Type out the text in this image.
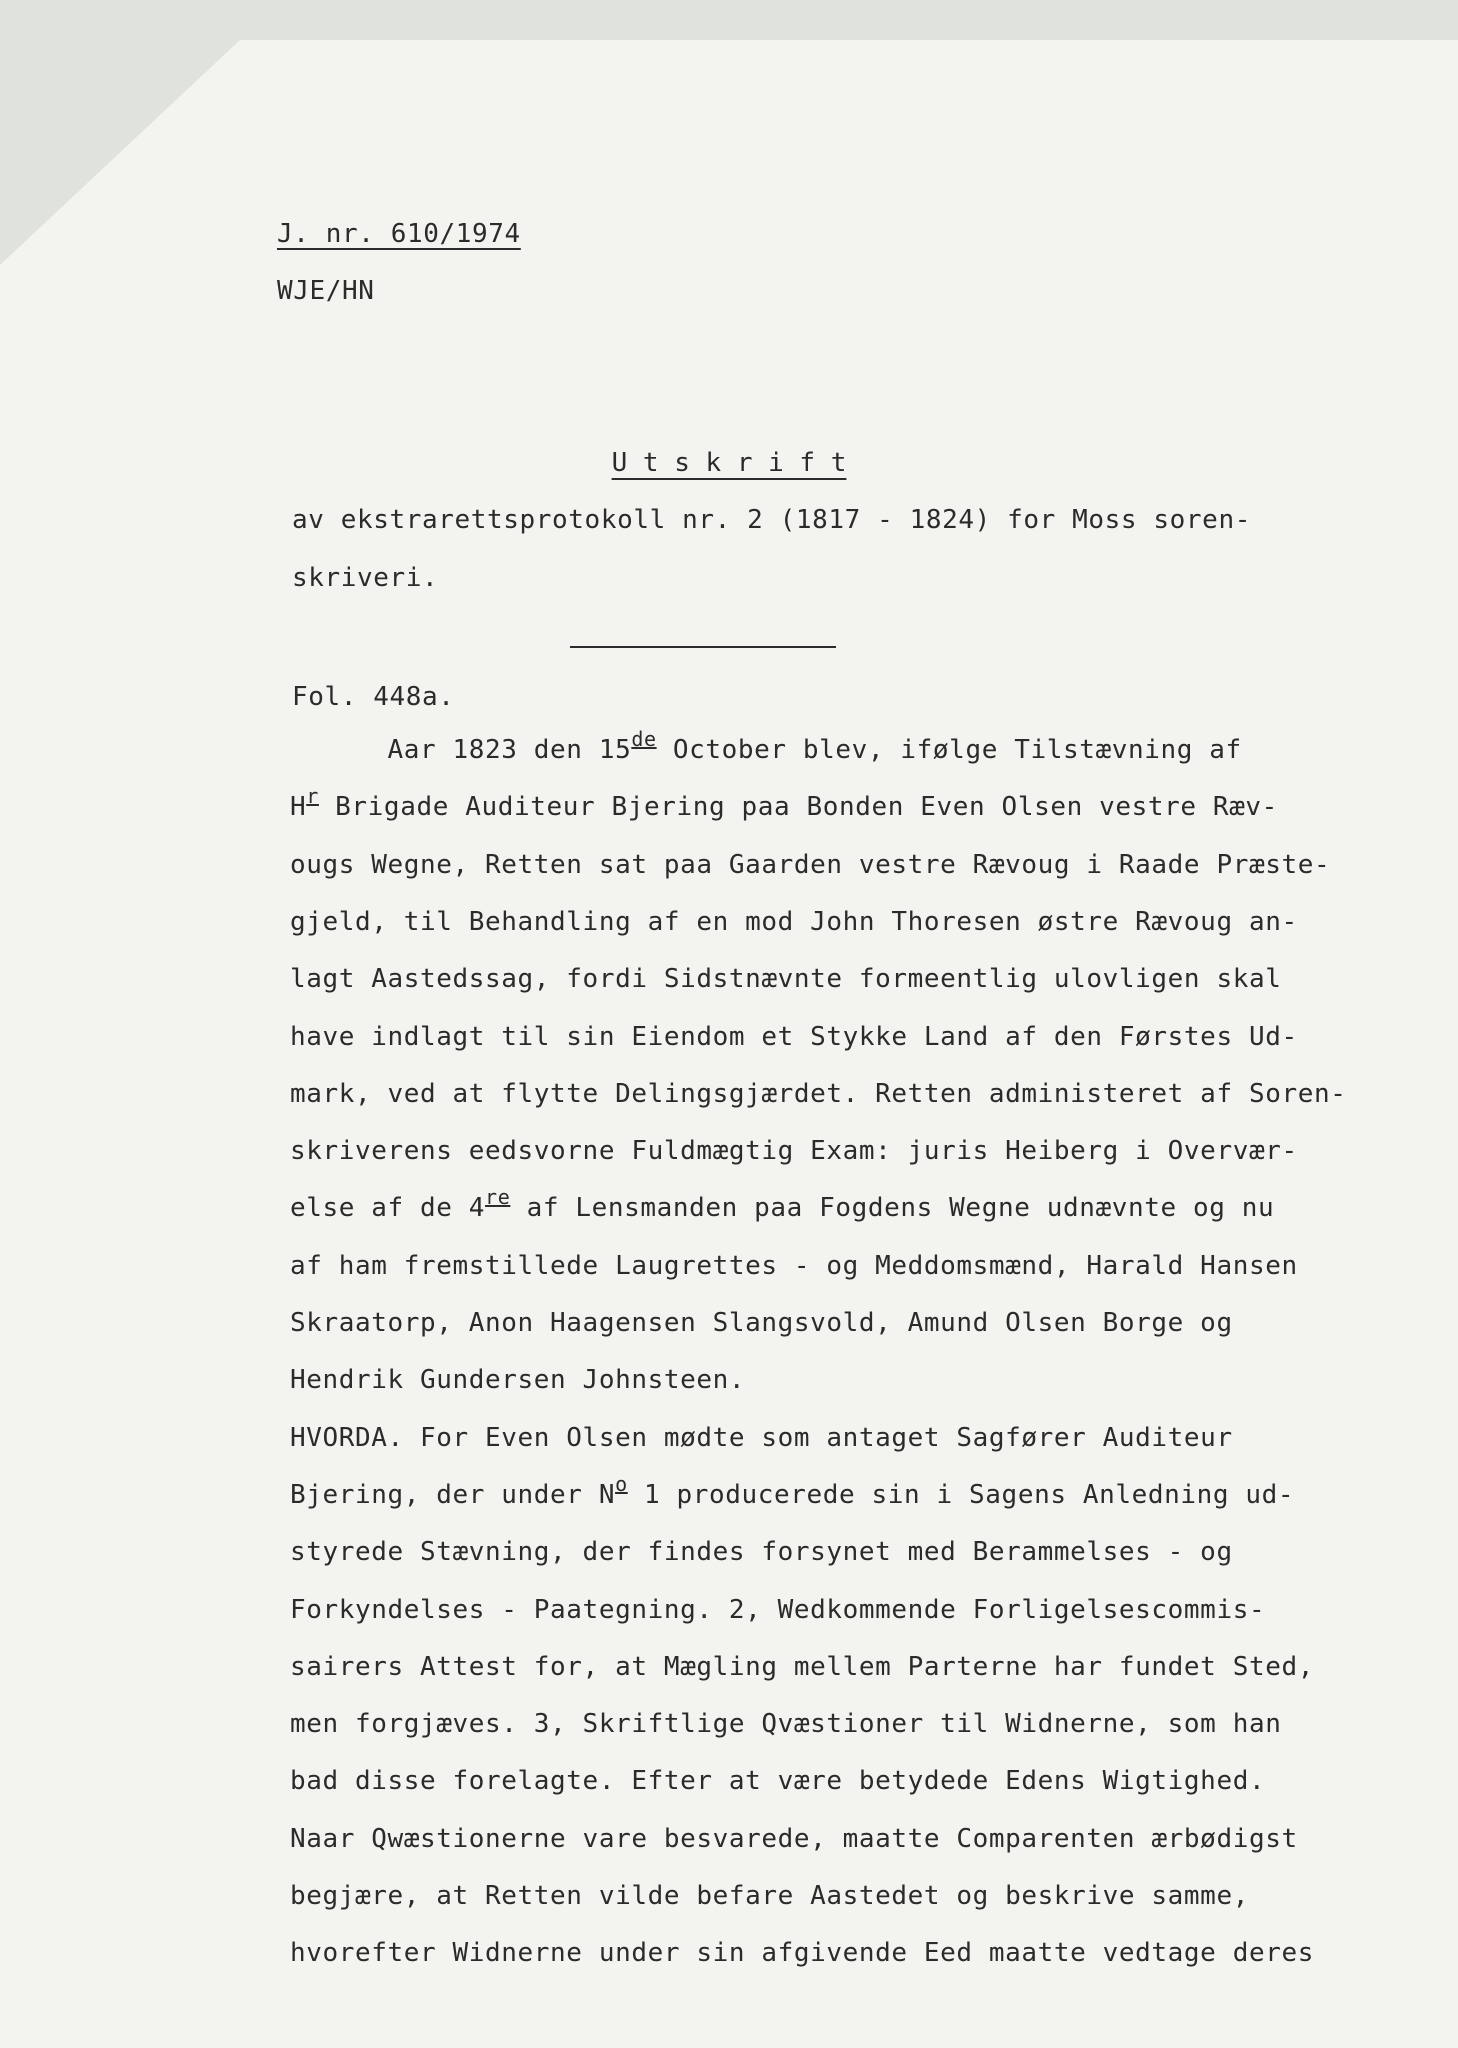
J. nr. 610/1974
WJE/HN
U t s k r i f t
av ekstrarettsprotokoll nr. 2 (1817 - 1824) for Moss soren-
skriveri.
Fol. 448a.
Aar 1823 den 15de October blev, ifølge Tilstævning af
$H^r$ Brigade Auditeur Bjering paa Bonden Even Olsen vestre Ræv-
ougs Wegne, Retten sat paa Gaarden vestre Rævoug i Raade Præste-
gjeld, til Behandling af en mod John Thoresen østre Rævoug an-
lagt Aastedssag, fordi Sidstnævnte formeentlig ulovligen skal
have indlagt til sin Eiendom et Stykke Land af den Førstes Ud-
mark, ved at flytte Delingsgjærdet. Retten administeret af Soren-
skriverens eedsvorne Fuldmægtig Exam: juris Heiberg i Overvær-
else af de 4re af Lensmanden paa Fogdens Wegne udnævnte og nu
af ham fremstillede Laugrettes - og Meddomsmænd, Harald Hansen
Skraatorp, Anon Haagensen Slangsvold, Amund Olsen Borge og
Hendrik Gundersen Johnsteen.
HVORDA. For Even Olsen mødte som antaget Sagfører Auditeur
Bjering, der under $N^o$ 1 producerede sin i Sagens Anledning ud-
styrede Stævning, der findes forsynet med Berammelses - og
Forkyndelses - Paategning. 2, Wedkommende Forligelsescommis-
sairers Attest for, at Mægling mellem Parterne har fundet Sted,
men forgjæves. 3, Skriftlige Qvæstioner til Widnerne, som han
bad disse forelagte. Efter at være betydede Edens Wigtighed.
Naar Qwæstionerne vare besvarede, maatte Comparenten ærbødigst
begjære, at Retten vilde befare Aastedet og beskrive samme,
hvorefter Widnerne under sin afgivende Eed maatte vedtage deres
